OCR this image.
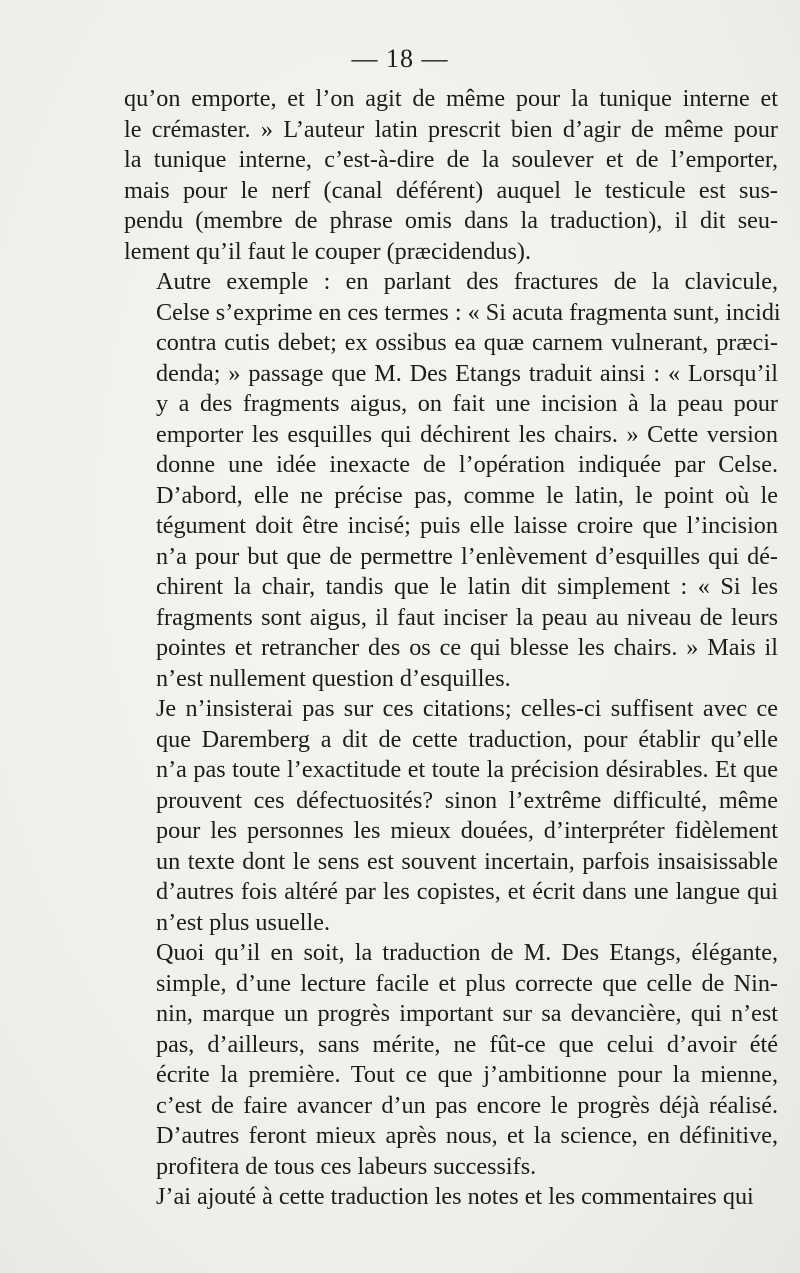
— 18 —

qu’on emporte, et l’on agit de même pour la tunique interne et
le crémaster. » L’auteur latin prescrit bien d’agir de même pour
la tunique interne, c’est-à-dire de la soulever et de l’emporter,
mais pour le nerf (canal déférent) auquel le testicule est sus-
pendu (membre de phrase omis dans la traduction), il dit seu-
lement qu’il faut le couper (præcidendus).

Autre exemple : en parlant des fractures de la clavicule,
Celse s’exprime en ces termes : « Si acuta fragmenta sunt, incidi
contra cutis debet; ex ossibus ea quæ carnem vulnerant, præci-
denda; » passage que M. Des Etangs traduit ainsi : « Lorsqu’il
y a des fragments aigus, on fait une incision à la peau pour
emporter les esquilles qui déchirent les chairs. » Cette version
donne une idée inexacte de l’opération indiquée par Celse.
D’abord, elle ne précise pas, comme le latin, le point où le
tégument doit être incisé; puis elle laisse croire que l’incision
n’a pour but que de permettre l’enlèvement d’esquilles qui dé-
chirent la chair, tandis que le latin dit simplement : « Si les
fragments sont aigus, il faut inciser la peau au niveau de leurs
pointes et retrancher des os ce qui blesse les chairs. » Mais il
n’est nullement question d’esquilles.

Je n’insisterai pas sur ces citations; celles-ci suffisent avec ce
que Daremberg a dit de cette traduction, pour établir qu’elle
n’a pas toute l’exactitude et toute la précision désirables. Et que
prouvent ces défectuosités? sinon l’extrême difficulté, même
pour les personnes les mieux douées, d’interpréter fidèlement
un texte dont le sens est souvent incertain, parfois insaisissable
d’autres fois altéré par les copistes, et écrit dans une langue qui
n’est plus usuelle.

Quoi qu’il en soit, la traduction de M. Des Etangs, élégante,
simple, d’une lecture facile et plus correcte que celle de Nin-
nin, marque un progrès important sur sa devancière, qui n’est
pas, d’ailleurs, sans mérite, ne fût-ce que celui d’avoir été
écrite la première. Tout ce que j’ambitionne pour la mienne,
c’est de faire avancer d’un pas encore le progrès déjà réalisé.
D’autres feront mieux après nous, et la science, en définitive,
profitera de tous ces labeurs successifs.

J’ai ajouté à cette traduction les notes et les commentaires qui
